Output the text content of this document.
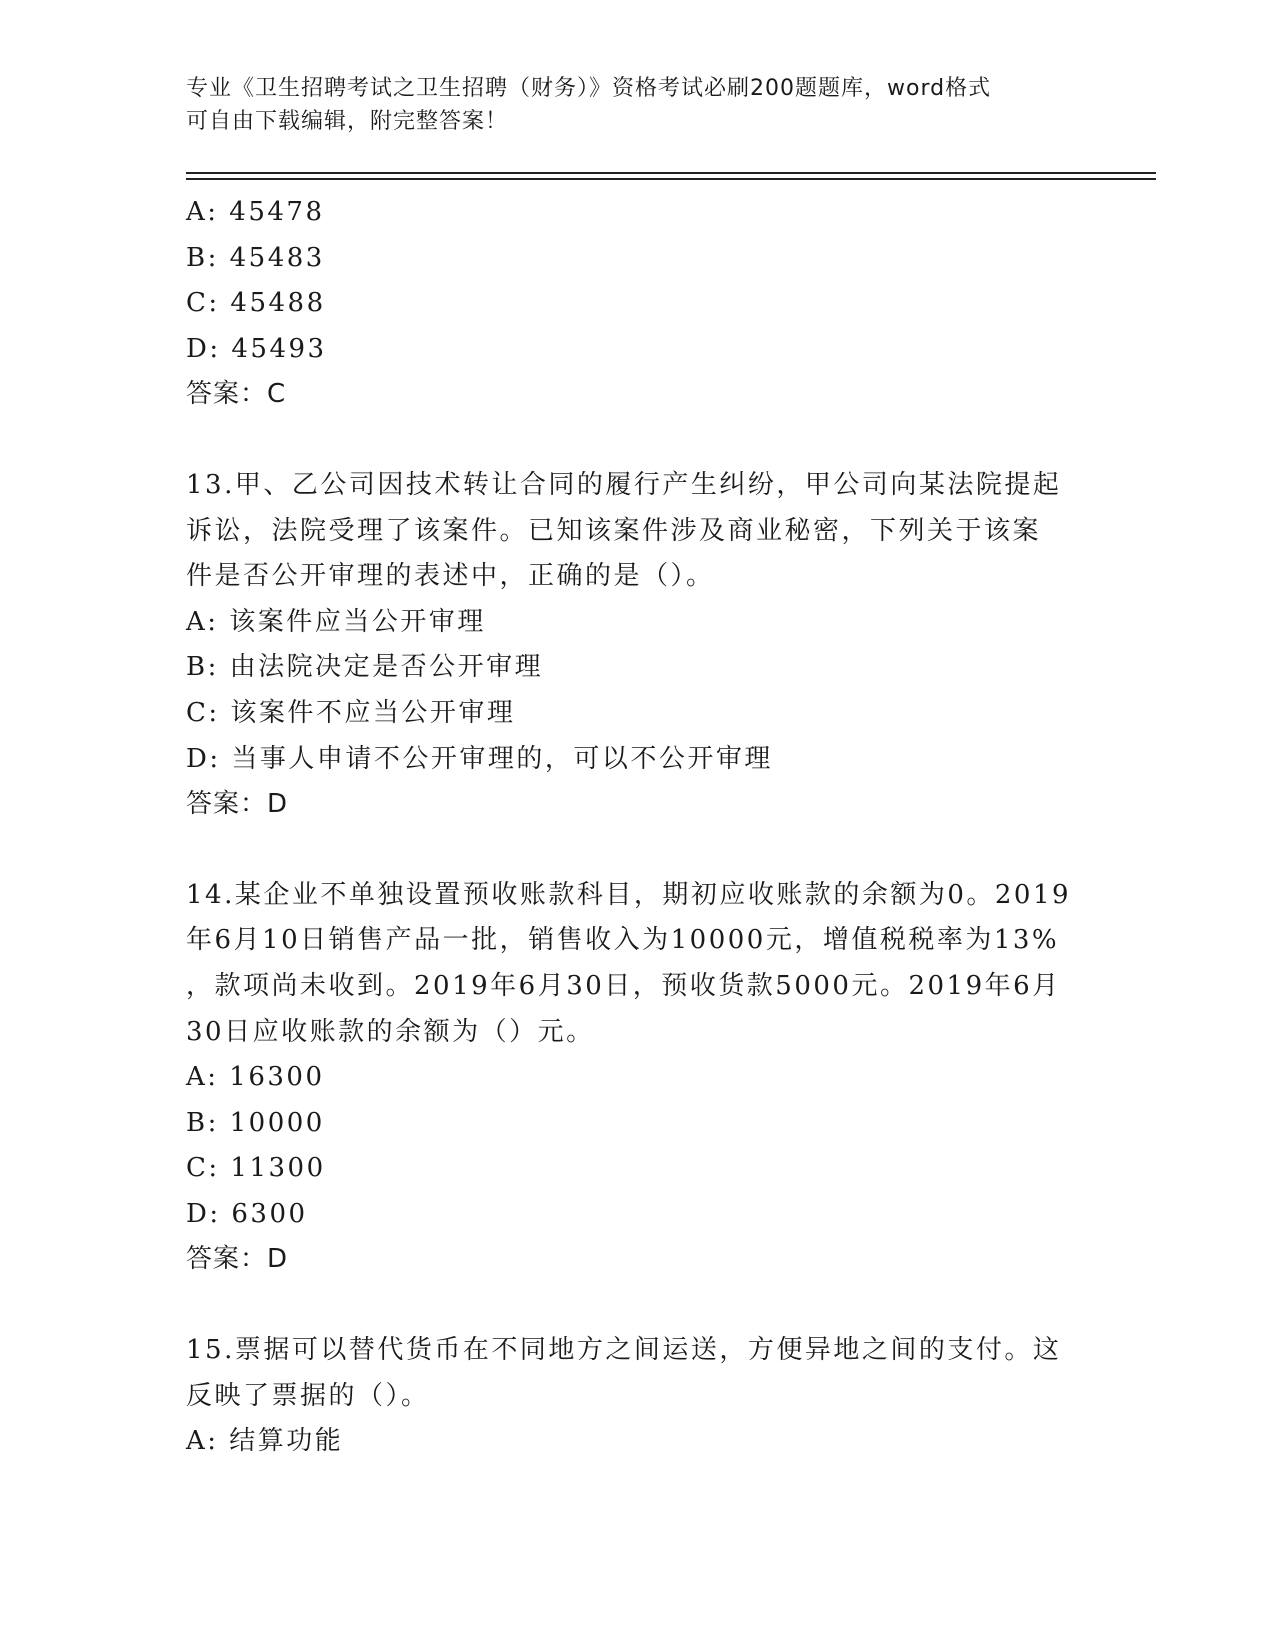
专业《卫生招聘考试之卫生招聘（财务）》资格考试必刷200题题库，word格式
可自由下载编辑，附完整答案！
A: 45478
B: 45483
C: 45488
D: 45493
答案：C
13.甲、乙公司因技术转让合同的履行产生纠纷，甲公司向某法院提起
诉讼，法院受理了该案件。已知该案件涉及商业秘密，下列关于该案
件是否公开审理的表述中，正确的是（）。
A: 该案件应当公开审理
B: 由法院决定是否公开审理
C: 该案件不应当公开审理
D: 当事人申请不公开审理的，可以不公开审理
答案：D
14.某企业不单独设置预收账款科目，期初应收账款的余额为0。2019
年6月10日销售产品一批，销售收入为10000元，增值税税率为13%
，款项尚未收到。2019年6月30日，预收货款5000元。2019年6月
30日应收账款的余额为（）元。
A: 16300
B: 10000
C: 11300
D: 6300
答案：D
15.票据可以替代货币在不同地方之间运送，方便异地之间的支付。这
反映了票据的（）。
A: 结算功能
